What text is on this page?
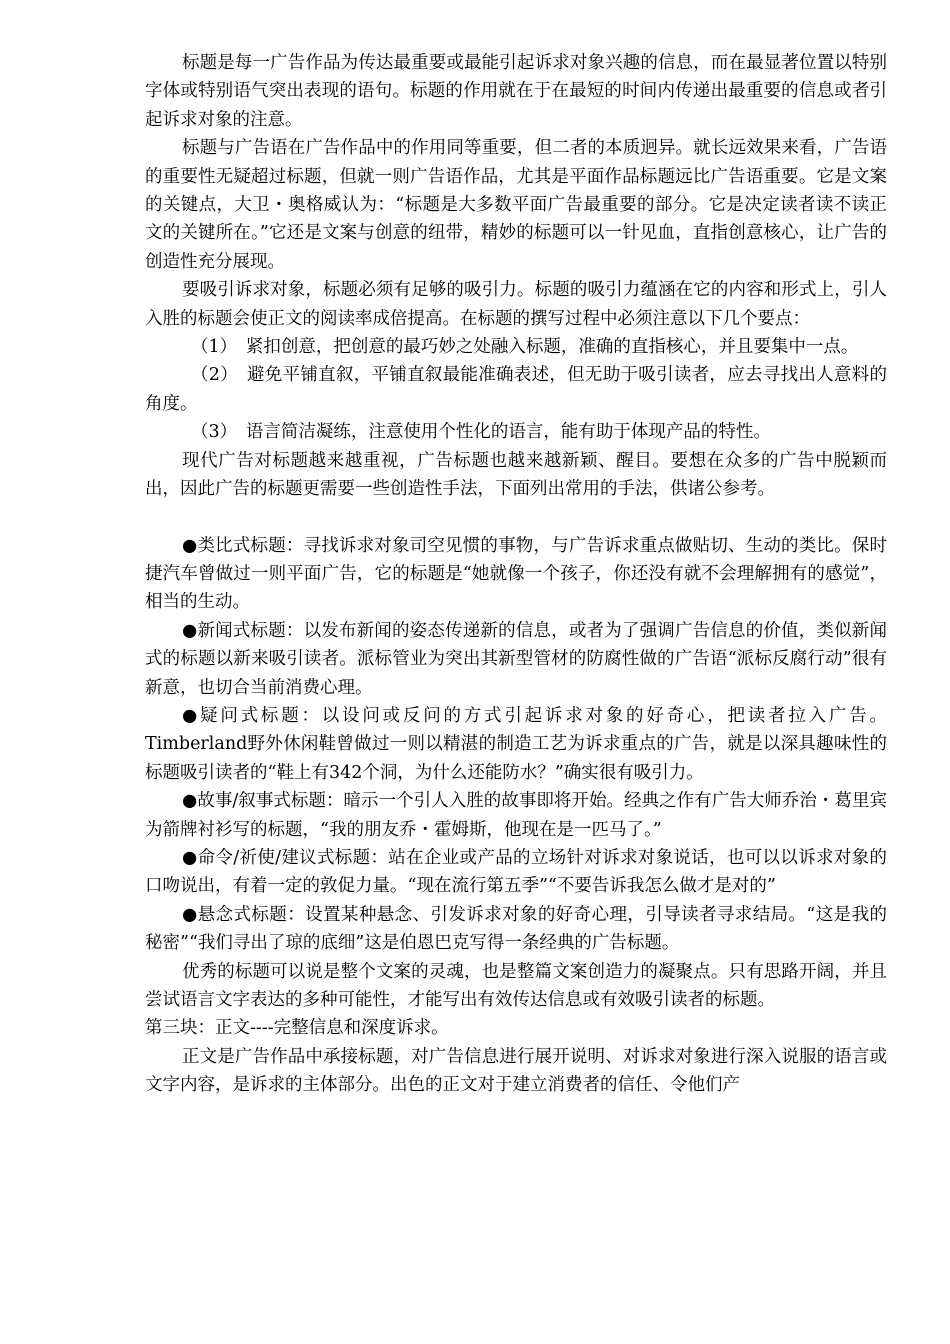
标题是每一广告作品为传达最重要或最能引起诉求对象兴趣的信息，而在最显著位置以特别字体或特别语气突出表现的语句。标题的作用就在于在最短的时间内传递出最重要的信息或者引起诉求对象的注意。

标题与广告语在广告作品中的作用同等重要，但二者的本质迥异。就长远效果来看，广告语的重要性无疑超过标题，但就一则广告语作品，尤其是平面作品标题远比广告语重要。它是文案的关键点，大卫・奥格威认为：“标题是大多数平面广告最重要的部分。它是决定读者读不读正文的关键所在。”它还是文案与创意的纽带，精妙的标题可以一针见血，直指创意核心，让广告的创造性充分展现。

要吸引诉求对象，标题必须有足够的吸引力。标题的吸引力蕴涵在它的内容和形式上，引人入胜的标题会使正文的阅读率成倍提高。在标题的撰写过程中必须注意以下几个要点：

（1）　紧扣创意，把创意的最巧妙之处融入标题，准确的直指核心，并且要集中一点。

（2）　避免平铺直叙，平铺直叙最能准确表述，但无助于吸引读者，应去寻找出人意料的角度。

（3）　语言简洁凝练，注意使用个性化的语言，能有助于体现产品的特性。

现代广告对标题越来越重视，广告标题也越来越新颖、醒目。要想在众多的广告中脱颖而出，因此广告的标题更需要一些创造性手法，下面列出常用的手法，供诸公参考。

●类比式标题：寻找诉求对象司空见惯的事物，与广告诉求重点做贴切、生动的类比。保时捷汽车曾做过一则平面广告，它的标题是“她就像一个孩子，你还没有就不会理解拥有的感觉”，相当的生动。

●新闻式标题：以发布新闻的姿态传递新的信息，或者为了强调广告信息的价值，类似新闻式的标题以新来吸引读者。派标管业为突出其新型管材的防腐性做的广告语“派标反腐行动”很有新意，也切合当前消费心理。

●疑问式标题：以设问或反问的方式引起诉求对象的好奇心，把读者拉入广告。Timberland野外休闲鞋曾做过一则以精湛的制造工艺为诉求重点的广告，就是以深具趣味性的标题吸引读者的“鞋上有342个洞，为什么还能防水？”确实很有吸引力。

●故事/叙事式标题：暗示一个引人入胜的故事即将开始。经典之作有广告大师乔治・葛里宾为箭牌衬衫写的标题，“我的朋友乔・霍姆斯，他现在是一匹马了。”

●命令/祈使/建议式标题：站在企业或产品的立场针对诉求对象说话，也可以以诉求对象的口吻说出，有着一定的敦促力量。“现在流行第五季”“不要告诉我怎么做才是对的”

●悬念式标题：设置某种悬念、引发诉求对象的好奇心理，引导读者寻求结局。“这是我的秘密”“我们寻出了琼的底细”这是伯恩巴克写得一条经典的广告标题。

优秀的标题可以说是整个文案的灵魂，也是整篇文案创造力的凝聚点。只有思路开阔，并且尝试语言文字表达的多种可能性，才能写出有效传达信息或有效吸引读者的标题。

第三块：正文----完整信息和深度诉求。

正文是广告作品中承接标题，对广告信息进行展开说明、对诉求对象进行深入说服的语言或文字内容，是诉求的主体部分。出色的正文对于建立消费者的信任、令他们产
